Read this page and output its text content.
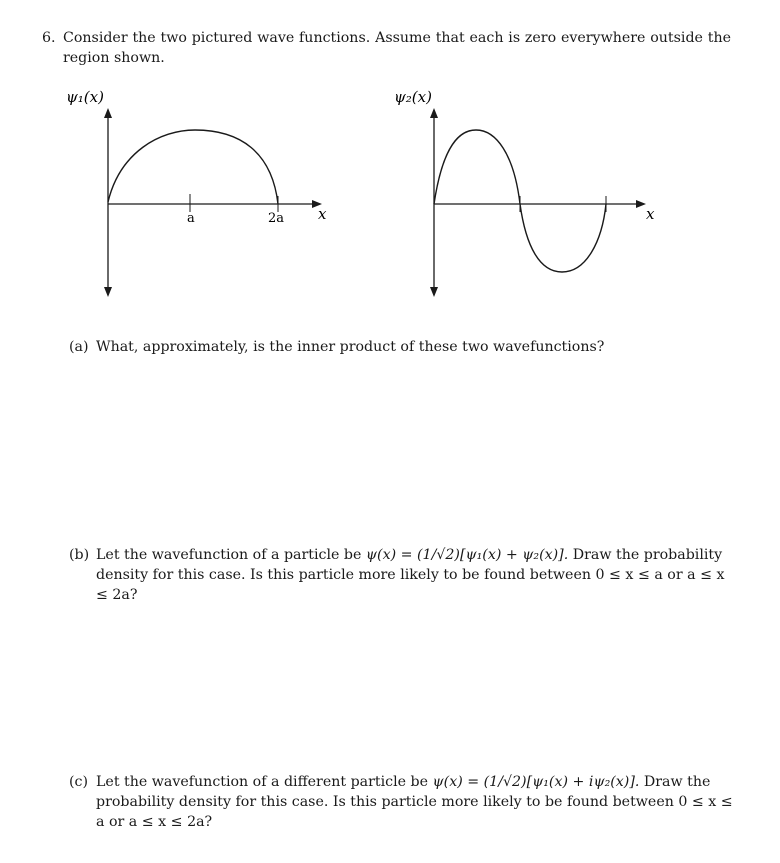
6. Consider the two pictured wave functions. Assume that each is zero everywhere outside the region shown.
ψ₁(x)
a	2a x
ψ₂(x)
x
(a) What, approximately, is the inner product of these two wavefunctions?
(b) Let the wavefunction of a particle be ψ(x) = (1/√2)[ψ₁(x) + ψ₂(x)]. Draw the probability density for this case. Is this particle more likely to be found between 0 ≤ x ≤ a or a ≤ x ≤ 2a?
(c) Let the wavefunction of a different particle be ψ(x) = (1/√2)[ψ₁(x) + iψ₂(x)]. Draw the probability density for this case. Is this particle more likely to be found between 0 ≤ x ≤ a or a ≤ x ≤ 2a?
